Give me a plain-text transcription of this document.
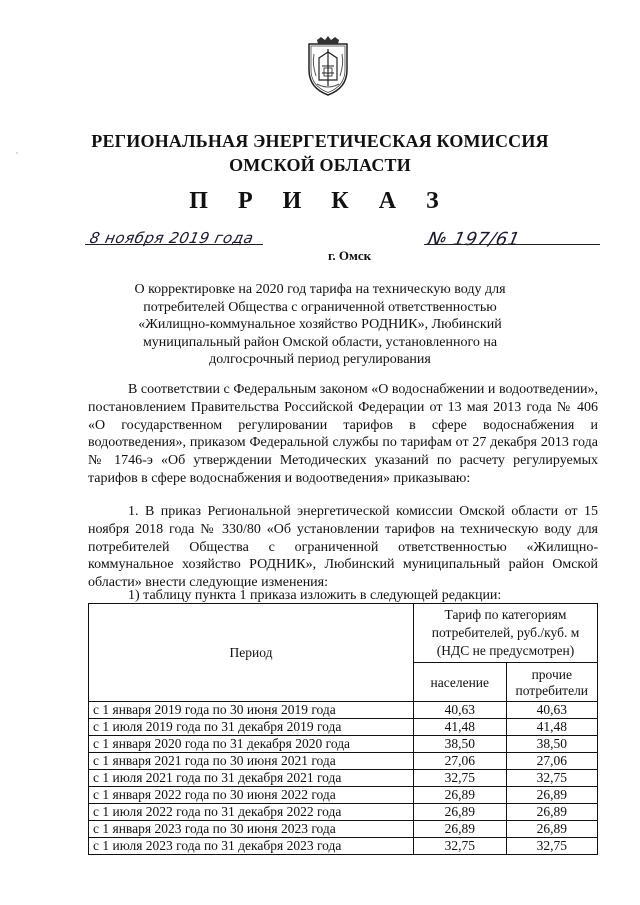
РЕГИОНАЛЬНАЯ ЭНЕРГЕТИЧЕСКАЯ КОМИССИЯ
ОМСКОЙ ОБЛАСТИ
П Р И К А З
8 ноября 2019 года
г. Омск
№ 197/61
О корректировке на 2020 год тарифа на техническую воду для потребителей Общества с ограниченной ответственностью «Жилищно-коммунальное хозяйство РОДНИК», Любинский муниципальный район Омской области, установленного на долгосрочный период регулирования
В соответствии с Федеральным законом «О водоснабжении и водоотведении», постановлением Правительства Российской Федерации от 13 мая 2013 года № 406 «О государственном регулировании тарифов в сфере водоснабжения и водоотведения», приказом Федеральной службы по тарифам от 27 декабря 2013 года № 1746-э «Об утверждении Методических указаний по расчету регулируемых тарифов в сфере водоснабжения и водоотведения» приказываю:
1. В приказ Региональной энергетической комиссии Омской области от 15 ноября 2018 года № 330/80 «Об установлении тарифов на техническую воду для потребителей Общества с ограниченной ответственностью «Жилищно-коммунальное хозяйство РОДНИК», Любинский муниципальный район Омской области» внести следующие изменения:
1) таблицу пункта 1 приказа изложить в следующей редакции:
Период	Тариф по категориям потребителей, руб./куб. м (НДС не предусмотрен)	
	население	прочие потребители
с 1 января 2019 года по 30 июня 2019 года	40,63	40,63
с 1 июля 2019 года по 31 декабря 2019 года	41,48	41,48
с 1 января 2020 года по 31 декабря 2020 года	38,50	38,50
с 1 января 2021 года по 30 июня 2021 года	27,06	27,06
с 1 июля 2021 года по 31 декабря 2021 года	32,75	32,75
с 1 января 2022 года по 30 июня 2022 года	26,89	26,89
с 1 июля 2022 года по 31 декабря 2022 года	26,89	26,89
с 1 января 2023 года по 30 июня 2023 года	26,89	26,89
с 1 июля 2023 года по 31 декабря 2023 года	32,75	32,75
